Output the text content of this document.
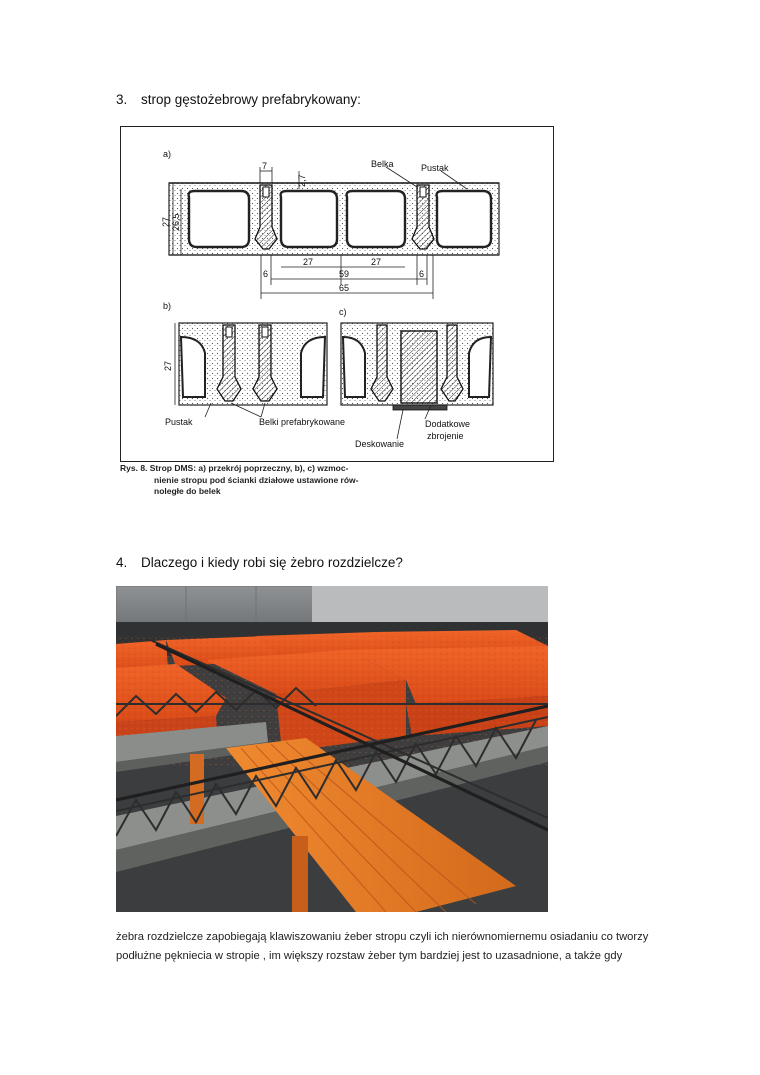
3. strop gęstożebrowy prefabrykowany:
a)
Belka	Pustak
7
2,7
27 26,5
27	27
59
6	6
65
b)
c)
27
Pustak	Belki prefabrykowane
Deskowanie
Dodatkowe
zbrojenie
Rys. 8. Strop DMS: a) przekrój poprzeczny, b), c) wzmoc-
nienie stropu pod ścianki działowe ustawione rów-
noległe do belek
4. Dlaczego i kiedy robi się żebro rozdzielcze?
żebra rozdzielcze zapobiegają klawiszowaniu żeber stropu czyli ich nierównomiernemu osiadaniu co tworzy
podłużne pęknieciа w stropie , im większy rozstaw żeber tym bardziej jest to uzasadnione, a także gdy
